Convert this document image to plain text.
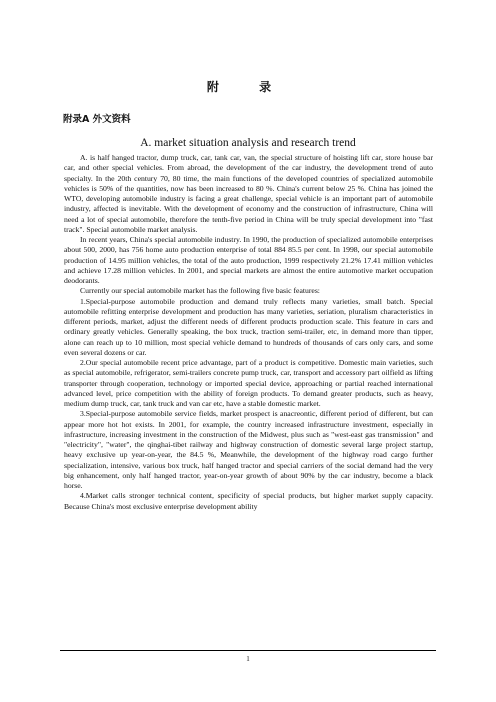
附 录
附录A 外文资料
A. market situation analysis and research trend

A. is half hanged tractor, dump truck, car, tank car, van, the special structure of hoisting lift car, store house bar car, and other special vehicles. From abroad, the development of the car industry, the development trend of auto specialty. In the 20th century 70, 80 time, the main functions of the developed countries of specialized automobile vehicles is 50% of the quantities, now has been increased to 80 %. China's current below 25 %. China has joined the WTO, developing automobile industry is facing a great challenge, special vehicle is an important part of automobile industry, affected is inevitable. With the development of economy and the construction of infrastructure, China will need a lot of special automobile, therefore the tenth-five period in China will be truly special development into "fast track". Special automobile market analysis.

In recent years, China's special automobile industry. In 1990, the production of specialized automobile enterprises about 500, 2000, has 756 home auto production enterprise of total 884 85.5 per cent. In 1998, our special automobile production of 14.95 million vehicles, the total of the auto production, 1999 respectively 21.2% 17.41 million vehicles and achieve 17.28 million vehicles. In 2001, and special markets are almost the entire automotive market occupation deodorants.

Currently our special automobile market has the following five basic features:

1.Special-purpose automobile production and demand truly reflects many varieties, small batch. Special automobile refitting enterprise development and production has many varieties, seriation, pluralism characteristics in different periods, market, adjust the different needs of different products production scale. This feature in cars and ordinary greatly vehicles. Generally speaking, the box truck, traction semi-trailer, etc, in demand more than tipper, alone can reach up to 10 million, most special vehicle demand to hundreds of thousands of cars only cars, and some even several dozens or car.

2.Our special automobile recent price advantage, part of a product is competitive. Domestic main varieties, such as special automobile, refrigerator, semi-trailers concrete pump truck, car, transport and accessory part oilfield as lifting transporter through cooperation, technology or imported special device, approaching or partial reached international advanced level, price competition with the ability of foreign products. To demand greater products, such as heavy, medium dump truck, car, tank truck and van car etc, have a stable domestic market.

3.Special-purpose automobile service fields, market prospect is anacreontic, different period of different, but can appear more hot hot exists. In 2001, for example, the country increased infrastructure investment, especially in infrastructure, increasing investment in the construction of the Midwest, plus such as "west-east gas transmission" and "electricity", "water", the qinghai-tibet railway and highway construction of domestic several large project startup, heavy exclusive up year-on-year, the 84.5 %, Meanwhile, the development of the highway road cargo further specialization, intensive, various box truck, half hanged tractor and special carriers of the social demand had the very big enhancement, only half hanged tractor, year-on-year growth of about 90% by the car industry, become a black horse.

4.Market calls stronger technical content, specificity of special products, but higher market supply capacity. Because China's most exclusive enterprise development ability

1
